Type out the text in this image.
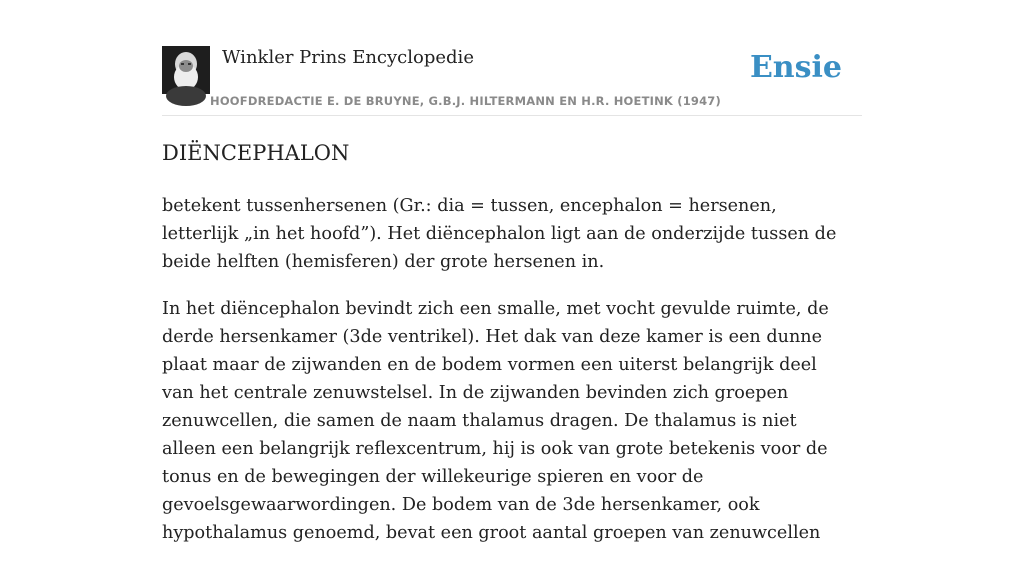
Winkler Prins Encyclopedie
HOOFDREDACTIE E. DE BRUYNE, G.B.J. HILTERMANN EN H.R. HOETINK (1947)
Ensie
DIËNCEPHALON

betekent tussenhersenen (Gr.: dia = tussen, encephalon = hersenen, letterlijk „in het hoofd”). Het diëncephalon ligt aan de onderzijde tussen de beide helften (hemisferen) der grote hersenen in.

In het diëncephalon bevindt zich een smalle, met vocht gevulde ruimte, de derde hersenkamer (3de ventrikel). Het dak van deze kamer is een dunne plaat maar de zijwanden en de bodem vormen een uiterst belangrijk deel van het centrale zenuwstelsel. In de zijwanden bevinden zich groepen zenuwcellen, die samen de naam thalamus dragen. De thalamus is niet alleen een belangrijk reflexcentrum, hij is ook van grote betekenis voor de tonus en de bewegingen der willekeurige spieren en voor de gevoelsgewaarwordingen. De bodem van de 3de hersenkamer, ook hypothalamus genoemd, bevat een groot aantal groepen van zenuwcellen
